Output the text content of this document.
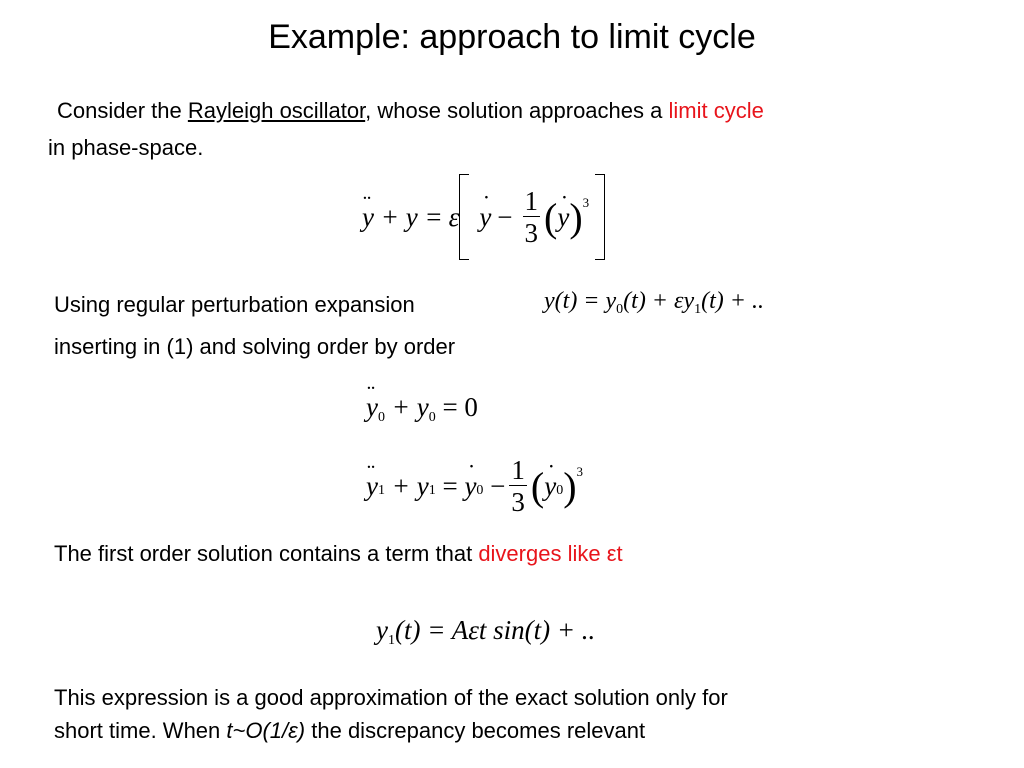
Example: approach to limit cycle
Consider the Rayleigh oscillator, whose solution approaches a limit cycle
in phase-space.
¨ y + y = ε ˙ $y - \frac{1}{3}$ ( ˙ y ) 3
Using regular perturbation expansion	$y(t) = y_0(t) + \varepsilon y_1(t)$ + ..
inserting in (1) and solving order by order
¨ y0 + y0 = 0
¨ y 1 + y 1 = ˙ y $0 - \frac{1}{3}$ ( ˙ y 0 ) 3
The first order solution contains a term that diverges like εt
y1(t) = Aεt sin(t) + ..
This expression is a good approximation of the exact solution only for
short time. When t~O(1/ε) the discrepancy becomes relevant
